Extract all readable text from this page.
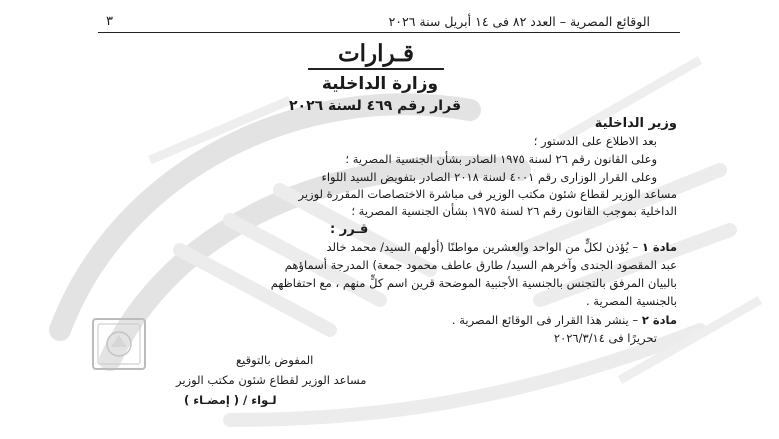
الوقائع المصرية – العدد ٨٢ فى ١٤ أبريل سنة ٢٠٢٦
٣
قـرارات
وزارة الداخلية
قرار رقم ٤٦٩ لسنة ٢٠٢٦
وزير الداخلية
بعد الاطلاع على الدستور ؛
وعلى القانون رقم ٢٦ لسنة ١٩٧٥ الصادر بشأن الجنسية المصرية ؛
وعلى القرار الوزارى رقم ٤٠٠١ لسنة ٢٠١٨ الصادر بتفويض السيد اللواء
مساعد الوزير لقطاع شئون مكتب الوزير فى مباشرة الاختصاصات المقررة لوزير
الداخلية بموجب القانون رقم ٢٦ لسنة ١٩٧٥ بشأن الجنسية المصرية ؛
قـرر :
مادة ١ – يُؤذن لكلٍّ من الواحد والعشرين مواطنًا (أولهم السيد/ محمد خالد
عبد المقصود الجندى وآخرهم السيد/ طارق عاطف محمود جمعة) المدرجة أسماؤهم
بالبيان المرفق بالتجنس بالجنسية الأجنبية الموضحة قرين اسم كلٍّ منهم ، مع احتفاظهم
بالجنسية المصرية .
مادة ٢ – ينشر هذا القرار فى الوقائع المصرية .
تحريرًا فى ٢٠٢٦/٣/١٤
المفوض بالتوقيع
مساعد الوزير لقطاع شئون مكتب الوزير
لـواء / ( إمضـاء )
